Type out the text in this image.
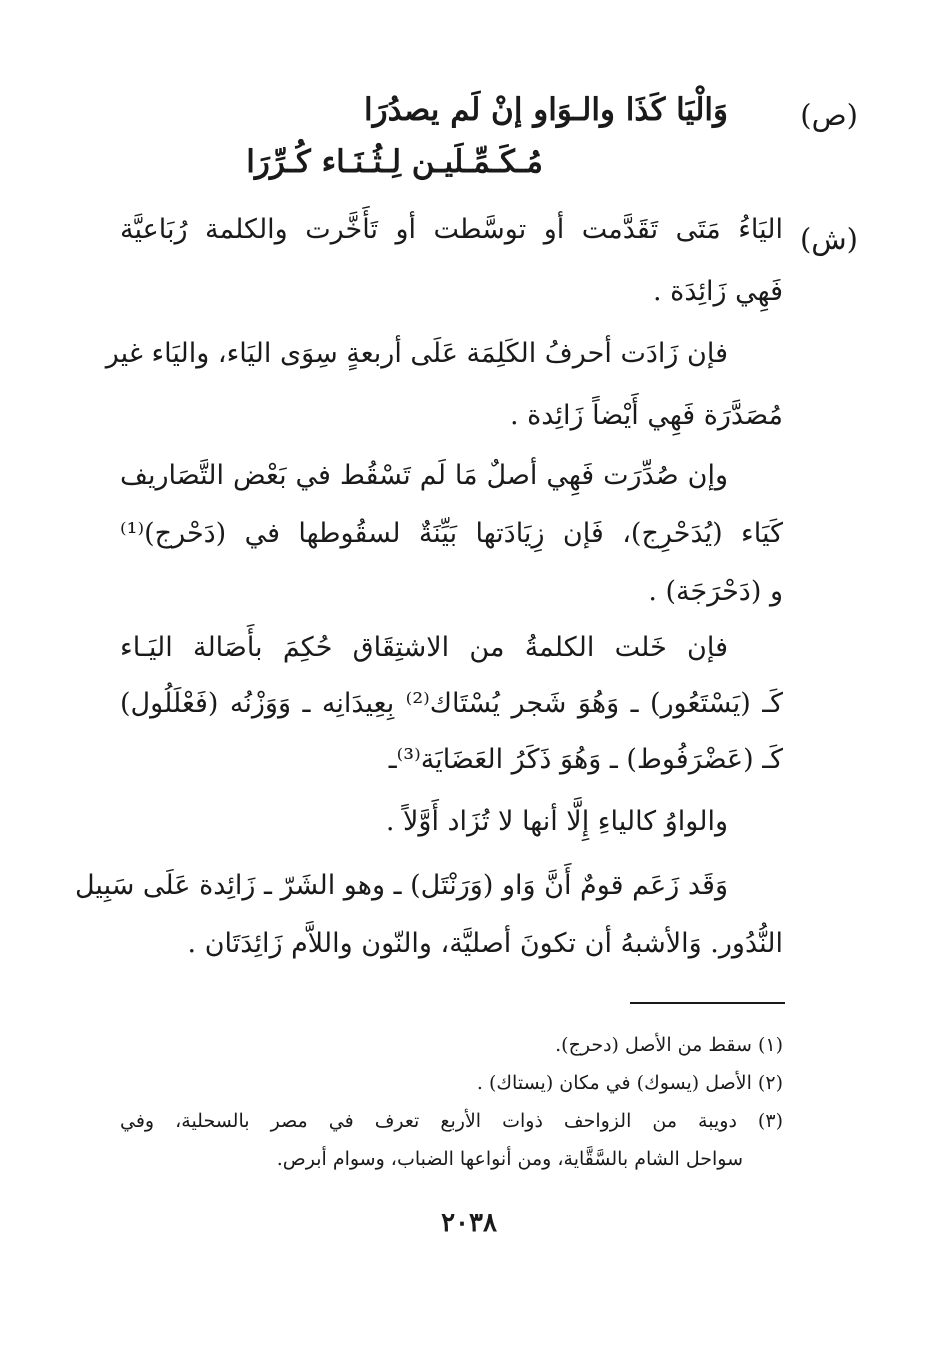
(ص)
وَالْيَا كَذَا والـوَاو إنْ لَم يصدُرَا
مُـكَـمِّـلَيـن لِـثُـنَـاء كُـرِّرَا
(ش)

اليَاءُ مَتَى تَقَدَّمت أو توسَّطت أو تَأَخَّرت والكلمة رُبَاعيَّة

فَهِي زَائِدَة .

فإن زَادَت أحرفُ الكَلِمَة عَلَى أربعةٍ سِوَى اليَاء، واليَاء غير

مُصَدَّرَة فَهِي أَيْضاً زَائِدة .

وإن صُدِّرَت فَهِي أصلٌ مَا لَم تَسْقُط في بَعْض التَّصَاريف

كَيَاء (يُدَحْرِج)، فَإن زِيَادَتها بَيِّنَةٌ لسقُوطها في (دَحْرج)⁽¹⁾

و (دَحْرَجَة) .

فإن خَلت الكلمةُ من الاشتِقَاق حُكِمَ بأَصَالة اليَـاء

كَـ (يَسْتَعُور) ـ وَهُوَ شَجر يُسْتَاك⁽²⁾ بِعِيدَانِه ـ وَوَزْنُه (فَعْلَلُول)

كَـ (عَضْرَفُوط) ـ وَهُوَ ذَكَرُ العَضَايَة⁽³⁾ـ

والواوُ كالياءِ إِلَّا أنها لا تُزَاد أَوَّلاً .

وَقَد زَعَم قومٌ أَنَّ وَاو (وَرَنْتَل) ـ وهو الشَرّ ـ زَائِدة عَلَى سَبِيل

النُّدُور. وَالأشبهُ أن تكونَ أصليَّة، والنّون واللاَّم زَائِدَتَان .

(١) سقط من الأصل (دحرج).

(٢) الأصل (يسوك) في مكان (يستاك) .

(٣) دويبة من الزواحف ذوات الأربع تعرف في مصر بالسحلية، وفي

سواحل الشام بالسَّقَّاية، ومن أنواعها الضباب، وسوام أبرص.

٢٠٣٨
